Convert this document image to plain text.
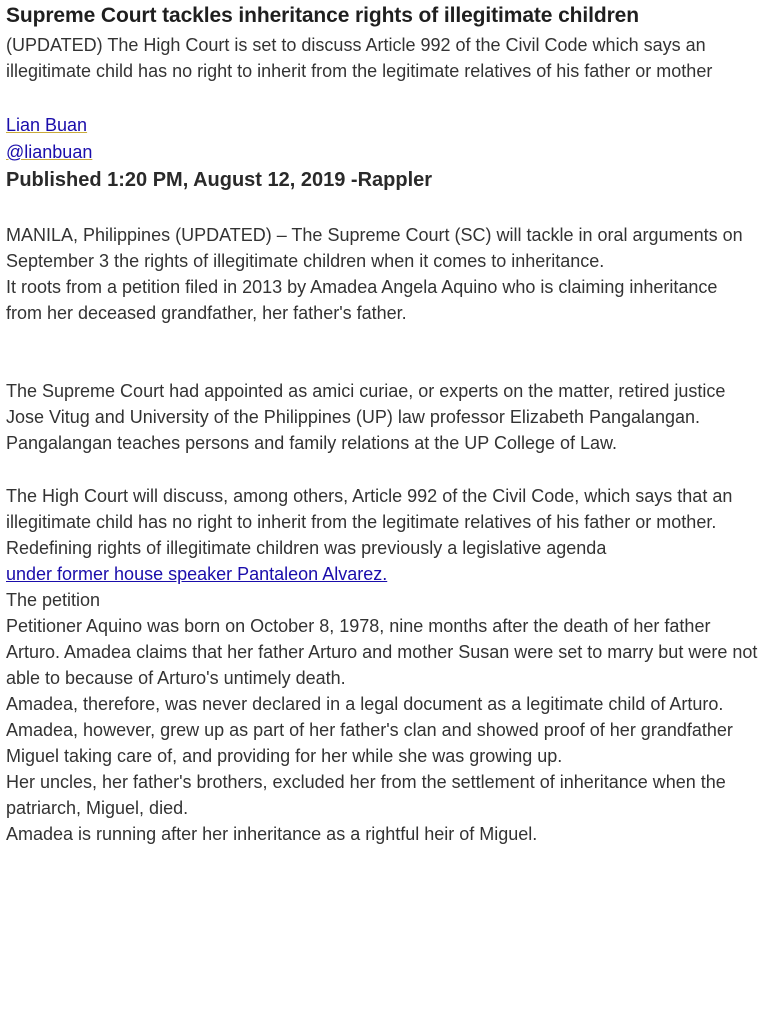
Supreme Court tackles inheritance rights of illegitimate children

(UPDATED) The High Court is set to discuss Article 992 of the Civil Code which says an illegitimate child has no right to inherit from the legitimate relatives of his father or mother

Lian Buan
@lianbuan

Published 1:20 PM, August 12, 2019 -Rappler

MANILA, Philippines (UPDATED) – The Supreme Court (SC) will tackle in oral arguments on September 3 the rights of illegitimate children when it comes to inheritance.

It roots from a petition filed in 2013 by Amadea Angela Aquino who is claiming inheritance from her deceased grandfather, her father's father.

The Supreme Court had appointed as amici curiae, or experts on the matter, retired justice Jose Vitug and University of the Philippines (UP) law professor Elizabeth Pangalangan. Pangalangan teaches persons and family relations at the UP College of Law.

The High Court will discuss, among others, Article 992 of the Civil Code, which says that an illegitimate child has no right to inherit from the legitimate relatives of his father or mother.

Redefining rights of illegitimate children was previously a legislative agenda
under former house speaker Pantaleon Alvarez.

The petition

Petitioner Aquino was born on October 8, 1978, nine months after the death of her father Arturo. Amadea claims that her father Arturo and mother Susan were set to marry but were not able to because of Arturo's untimely death.

Amadea, therefore, was never declared in a legal document as a legitimate child of Arturo.

Amadea, however, grew up as part of her father's clan and showed proof of her grandfather Miguel taking care of, and providing for her while she was growing up.

Her uncles, her father's brothers, excluded her from the settlement of inheritance when the patriarch, Miguel, died.

Amadea is running after her inheritance as a rightful heir of Miguel.
